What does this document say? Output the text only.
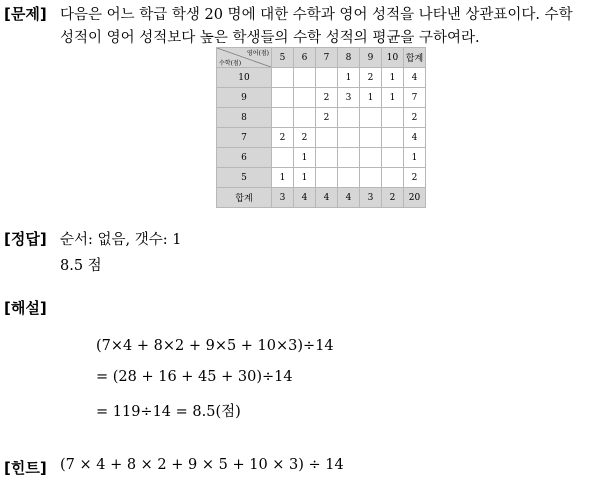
[문제] 다음은 어느 학급 학생 20 명에 대한 수학과 영어 성적을 나타낸 상관표이다. 수학
성적이 영어 성적보다 높은 학생들의 수학 성적의 평균을 구하여라.
영어(점)
수학(점)	5	6	7	8	9	10	합계
10				1	2	1	4
9			2	3	1	1	7
8			2				2
7	2	2					4
6		1					1
5	1	1					2
합계	3	4	4	4	3	2	20
[정답] 순서: 없음, 갯수: 1
8.5 점
[해설]
(7×4 + 8×2 + 9×5 + 10×3)÷14
= (28 + 16 + 45 + 30)÷14
= 119÷14 = 8.5(점)
[힌트] (7 × 4 + 8 × 2 + 9 × 5 + 10 × 3) ÷ 14
